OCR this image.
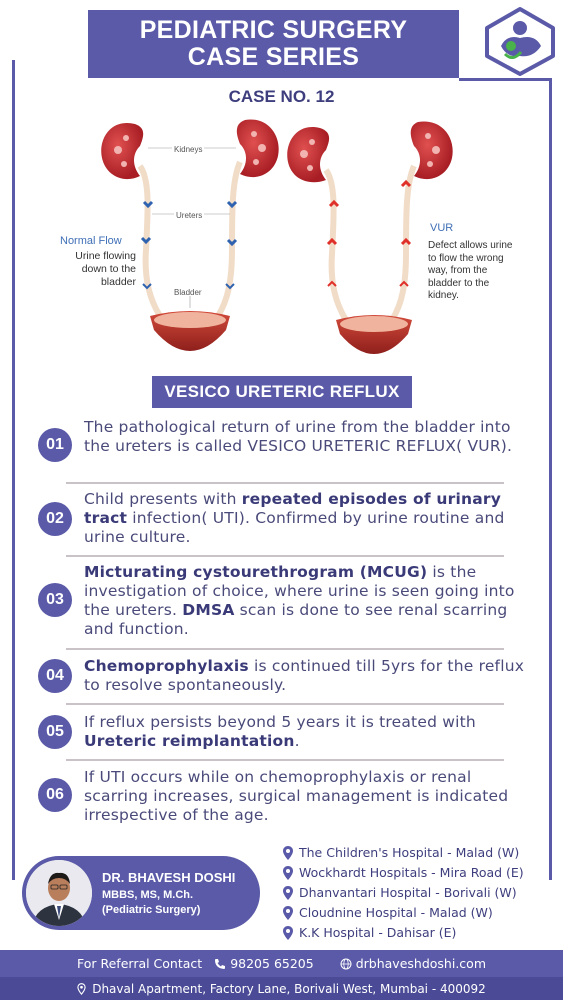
PEDIATRIC SURGERY
CASE SERIES
CASE NO. 12
Kidneys
Ureters
Bladder
Normal Flow
Urine flowing down to the bladder
VUR
Defect allows urine to flow the wrong way, from the bladder to the kidney.
VESICO URETERIC REFLUX
01
The pathological return of urine from the bladder into the ureters is called VESICO URETERIC REFLUX( VUR).
02
Child presents with repeated episodes of urinary tract infection( UTI). Confirmed by urine routine and urine culture.
03
Micturating cystourethrogram (MCUG) is the investigation of choice, where urine is seen going into the ureters. DMSA scan is done to see renal scarring and function.
04
Chemoprophylaxis is continued till 5yrs for the reflux to resolve spontaneously.
05
If reflux persists beyond 5 years it is treated with Ureteric reimplantation.
06
If UTI occurs while on chemoprophylaxis or renal scarring increases, surgical management is indicated irrespective of the age.
DR. BHAVESH DOSHI
MBBS, MS, M.Ch.
(Pediatric Surgery)
The Children's Hospital - Malad (W)
Wockhardt Hospitals - Mira Road (E)
Dhanvantari Hospital - Borivali (W)
Cloudnine Hospital - Malad (W)
K.K Hospital - Dahisar (E)
For Referral Contact 98205 65205	drbhaveshdoshi.com
Dhaval Apartment, Factory Lane, Borivali West, Mumbai - 400092
